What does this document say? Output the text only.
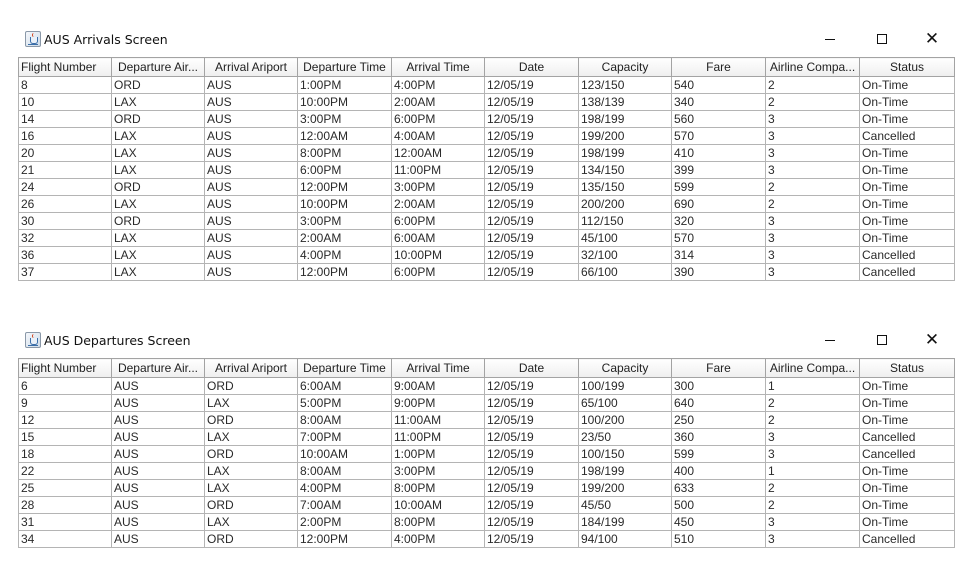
AUS Arrivals Screen	✕
Flight Number	Departure Air...	Arrival Ariport	Departure Time	Arrival Time	Date	Capacity	Fare	Airline Compa...	Status
8	ORD	AUS	1:00PM	4:00PM	12/05/19	123/150	540	2	On-Time
10	LAX	AUS	10:00PM	2:00AM	12/05/19	138/139	340	2	On-Time
14	ORD	AUS	3:00PM	6:00PM	12/05/19	198/199	560	3	On-Time
16	LAX	AUS	12:00AM	4:00AM	12/05/19	199/200	570	3	Cancelled
20	LAX	AUS	8:00PM	12:00AM	12/05/19	198/199	410	3	On-Time
21	LAX	AUS	6:00PM	11:00PM	12/05/19	134/150	399	3	On-Time
24	ORD	AUS	12:00PM	3:00PM	12/05/19	135/150	599	2	On-Time
26	LAX	AUS	10:00PM	2:00AM	12/05/19	200/200	690	2	On-Time
30	ORD	AUS	3:00PM	6:00PM	12/05/19	112/150	320	3	On-Time
32	LAX	AUS	2:00AM	6:00AM	12/05/19	45/100	570	3	On-Time
36	LAX	AUS	4:00PM	10:00PM	12/05/19	32/100	314	3	Cancelled
37	LAX	AUS	12:00PM	6:00PM	12/05/19	66/100	390	3	Cancelled
AUS Departures Screen	✕
Flight Number	Departure Air...	Arrival Ariport	Departure Time	Arrival Time	Date	Capacity	Fare	Airline Compa...	Status
6	AUS	ORD	6:00AM	9:00AM	12/05/19	100/199	300	1	On-Time
9	AUS	LAX	5:00PM	9:00PM	12/05/19	65/100	640	2	On-Time
12	AUS	ORD	8:00AM	11:00AM	12/05/19	100/200	250	2	On-Time
15	AUS	LAX	7:00PM	11:00PM	12/05/19	23/50	360	3	Cancelled
18	AUS	ORD	10:00AM	1:00PM	12/05/19	100/150	599	3	Cancelled
22	AUS	LAX	8:00AM	3:00PM	12/05/19	198/199	400	1	On-Time
25	AUS	LAX	4:00PM	8:00PM	12/05/19	199/200	633	2	On-Time
28	AUS	ORD	7:00AM	10:00AM	12/05/19	45/50	500	2	On-Time
31	AUS	LAX	2:00PM	8:00PM	12/05/19	184/199	450	3	On-Time
34	AUS	ORD	12:00PM	4:00PM	12/05/19	94/100	510	3	Cancelled
